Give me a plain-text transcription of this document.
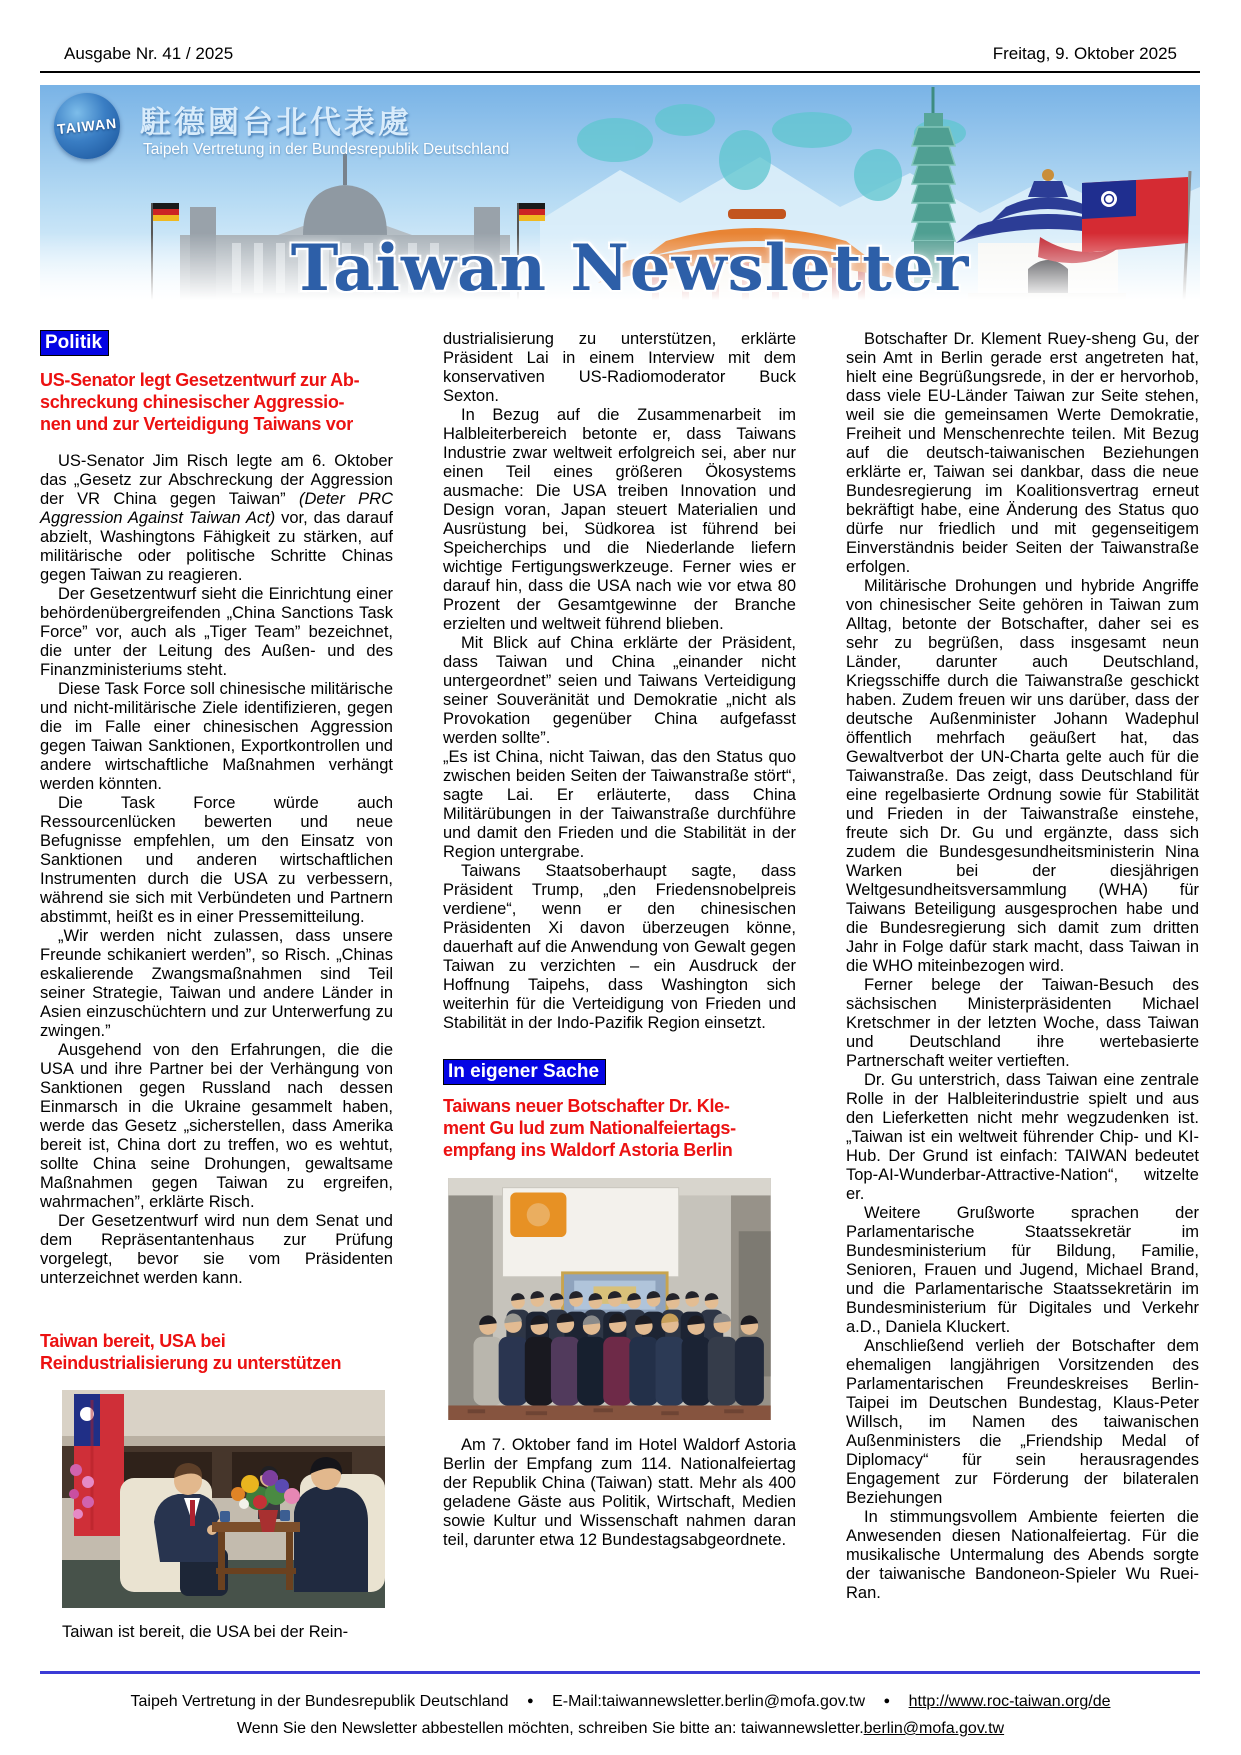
Ausgabe Nr. 41 / 2025	Freitag, 9. Oktober 2025
TAIWAN 駐德國台北代表處
Taipeh Vertretung in der Bundesrepublik Deutschland
Taiwan Newsletter
Politik
US-Senator legt Gesetzentwurf zur Ab-
schreckung chinesischer Aggressio-
nen und zur Verteidigung Taiwans vor

US-Senator Jim Risch legte am 6. Oktober das „Gesetz zur Abschreckung der Aggression der VR China gegen Taiwan” (Deter PRC Aggression Against Taiwan Act) vor, das darauf abzielt, Washingtons Fähigkeit zu stärken, auf militärische oder politische Schritte Chinas gegen Taiwan zu reagieren.

Der Gesetzentwurf sieht die Einrichtung einer behördenübergreifenden „China Sanctions Task Force” vor, auch als „Tiger Team” bezeichnet, die unter der Leitung des Außen- und des Finanzministeriums steht.

Diese Task Force soll chinesische militärische und nicht-militärische Ziele identifizieren, gegen die im Falle einer chinesischen Aggression gegen Taiwan Sanktionen, Exportkontrollen und andere wirtschaftliche Maßnahmen verhängt werden könnten.

Die Task Force würde auch Ressourcenlücken bewerten und neue Befugnisse empfehlen, um den Einsatz von Sanktionen und anderen wirtschaftlichen Instrumenten durch die USA zu verbessern, während sie sich mit Verbündeten und Partnern abstimmt, heißt es in einer Pressemitteilung.

„Wir werden nicht zulassen, dass unsere Freunde schikaniert werden”, so Risch. „Chinas eskalierende Zwangsmaßnahmen sind Teil seiner Strategie, Taiwan und andere Länder in Asien einzuschüchtern und zur Unterwerfung zu zwingen.”

Ausgehend von den Erfahrungen, die die USA und ihre Partner bei der Verhängung von Sanktionen gegen Russland nach dessen Einmarsch in die Ukraine gesammelt haben, werde das Gesetz „sicherstellen, dass Amerika bereit ist, China dort zu treffen, wo es wehtut, sollte China seine Drohungen, gewaltsame Maßnahmen gegen Taiwan zu ergreifen, wahrmachen”, erklärte Risch.

Der Gesetzentwurf wird nun dem Senat und dem Repräsentantenhaus zur Prüfung vorgelegt, bevor sie vom Präsidenten unterzeichnet werden kann.

Taiwan bereit, USA bei
Reindustrialisierung zu unterstützen

Taiwan ist bereit, die USA bei der Rein-

dustrialisierung zu unterstützen, erklärte Präsident Lai in einem Interview mit dem konservativen US-Radiomoderator Buck Sexton.

In Bezug auf die Zusammenarbeit im Halbleiterbereich betonte er, dass Taiwans Industrie zwar weltweit erfolgreich sei, aber nur einen Teil eines größeren Ökosystems ausmache: Die USA treiben Innovation und Design voran, Japan steuert Materialien und Ausrüstung bei, Südkorea ist führend bei Speicherchips und die Niederlande liefern wichtige Fertigungswerkzeuge. Ferner wies er darauf hin, dass die USA nach wie vor etwa 80 Prozent der Gesamtgewinne der Branche erzielten und weltweit führend blieben.

Mit Blick auf China erklärte der Präsident, dass Taiwan und China „einander nicht untergeordnet” seien und Taiwans Verteidigung seiner Souveränität und Demokratie „nicht als Provokation gegenüber China aufgefasst werden sollte”.

„Es ist China, nicht Taiwan, das den Status quo zwischen beiden Seiten der Taiwanstraße stört“, sagte Lai. Er erläuterte, dass China Militärübungen in der Taiwanstraße durchführe und damit den Frieden und die Stabilität in der Region untergrabe.

Taiwans Staatsoberhaupt sagte, dass Präsident Trump, „den Friedensnobelpreis verdiene“, wenn er den chinesischen Präsidenten Xi davon überzeugen könne, dauerhaft auf die Anwendung von Gewalt gegen Taiwan zu verzichten – ein Ausdruck der Hoffnung Taipehs, dass Washington sich weiterhin für die Verteidigung von Frieden und Stabilität in der Indo-Pazifik Region einsetzt.

In eigener Sache
Taiwans neuer Botschafter Dr. Kle-
ment Gu lud zum Nationalfeiertags-
empfang ins Waldorf Astoria Berlin

Am 7. Oktober fand im Hotel Waldorf Astoria Berlin der Empfang zum 114. Nationalfeiertag der Republik China (Taiwan) statt. Mehr als 400 geladene Gäste aus Politik, Wirtschaft, Medien sowie Kultur und Wissenschaft nahmen daran teil, darunter etwa 12 Bundestagsabgeordnete.

Botschafter Dr. Klement Ruey-sheng Gu, der sein Amt in Berlin gerade erst angetreten hat, hielt eine Begrüßungsrede, in der er hervorhob, dass viele EU-Länder Taiwan zur Seite stehen, weil sie die gemeinsamen Werte Demokratie, Freiheit und Menschenrechte teilen. Mit Bezug auf die deutsch-taiwanischen Beziehungen erklärte er, Taiwan sei dankbar, dass die neue Bundesregierung im Koalitionsvertrag erneut bekräftigt habe, eine Änderung des Status quo dürfe nur friedlich und mit gegenseitigem Einverständnis beider Seiten der Taiwanstraße erfolgen.

Militärische Drohungen und hybride Angriffe von chinesischer Seite gehören in Taiwan zum Alltag, betonte der Botschafter, daher sei es sehr zu begrüßen, dass insgesamt neun Länder, darunter auch Deutschland, Kriegsschiffe durch die Taiwanstraße geschickt haben. Zudem freuen wir uns darüber, dass der deutsche Außenminister Johann Wadephul öffentlich mehrfach geäußert hat, das Gewaltverbot der UN-Charta gelte auch für die Taiwanstraße. Das zeigt, dass Deutschland für eine regelbasierte Ordnung sowie für Stabilität und Frieden in der Taiwanstraße einstehe, freute sich Dr. Gu und ergänzte, dass sich zudem die Bundesgesundheitsministerin Nina Warken bei der diesjährigen Weltgesundheitsversammlung (WHA) für Taiwans Beteiligung ausgesprochen habe und die Bundesregierung sich damit zum dritten Jahr in Folge dafür stark macht, dass Taiwan in die WHO miteinbezogen wird.

Ferner belege der Taiwan-Besuch des sächsischen Ministerpräsidenten Michael Kretschmer in der letzten Woche, dass Taiwan und Deutschland ihre wertebasierte Partnerschaft weiter vertieften.

Dr. Gu unterstrich, dass Taiwan eine zentrale Rolle in der Halbleiterindustrie spielt und aus den Lieferketten nicht mehr wegzudenken ist. „Taiwan ist ein weltweit führender Chip- und KI-Hub. Der Grund ist einfach: TAIWAN bedeutet Top-AI-Wunderbar-Attractive-Nation“, witzelte er.

Weitere Grußworte sprachen der Parlamentarische Staatssekretär im Bundesministerium für Bildung, Familie, Senioren, Frauen und Jugend, Michael Brand, und die Parlamentarische Staatssekretärin im Bundesministerium für Digitales und Verkehr a.D., Daniela Kluckert.

Anschließend verlieh der Botschafter dem ehemaligen langjährigen Vorsitzenden des Parlamentarischen Freundeskreises Berlin-Taipei im Deutschen Bundestag, Klaus-Peter Willsch, im Namen des taiwanischen Außenministers die „Friendship Medal of Diplomacy“ für sein herausragendes Engagement zur Förderung der bilateralen Beziehungen

In stimmungsvollem Ambiente feierten die Anwesenden diesen Nationalfeiertag. Für die musikalische Untermalung des Abends sorgte der taiwanische Bandoneon-Spieler Wu Ruei-Ran.

Taipeh Vertretung in der Bundesrepublik Deutschland ● E-Mail:taiwannewsletter.berlin@mofa.gov.tw ● http://www.roc-taiwan.org/de
Wenn Sie den Newsletter abbestellen möchten, schreiben Sie bitte an: taiwannewsletter.berlin@mofa.gov.tw
